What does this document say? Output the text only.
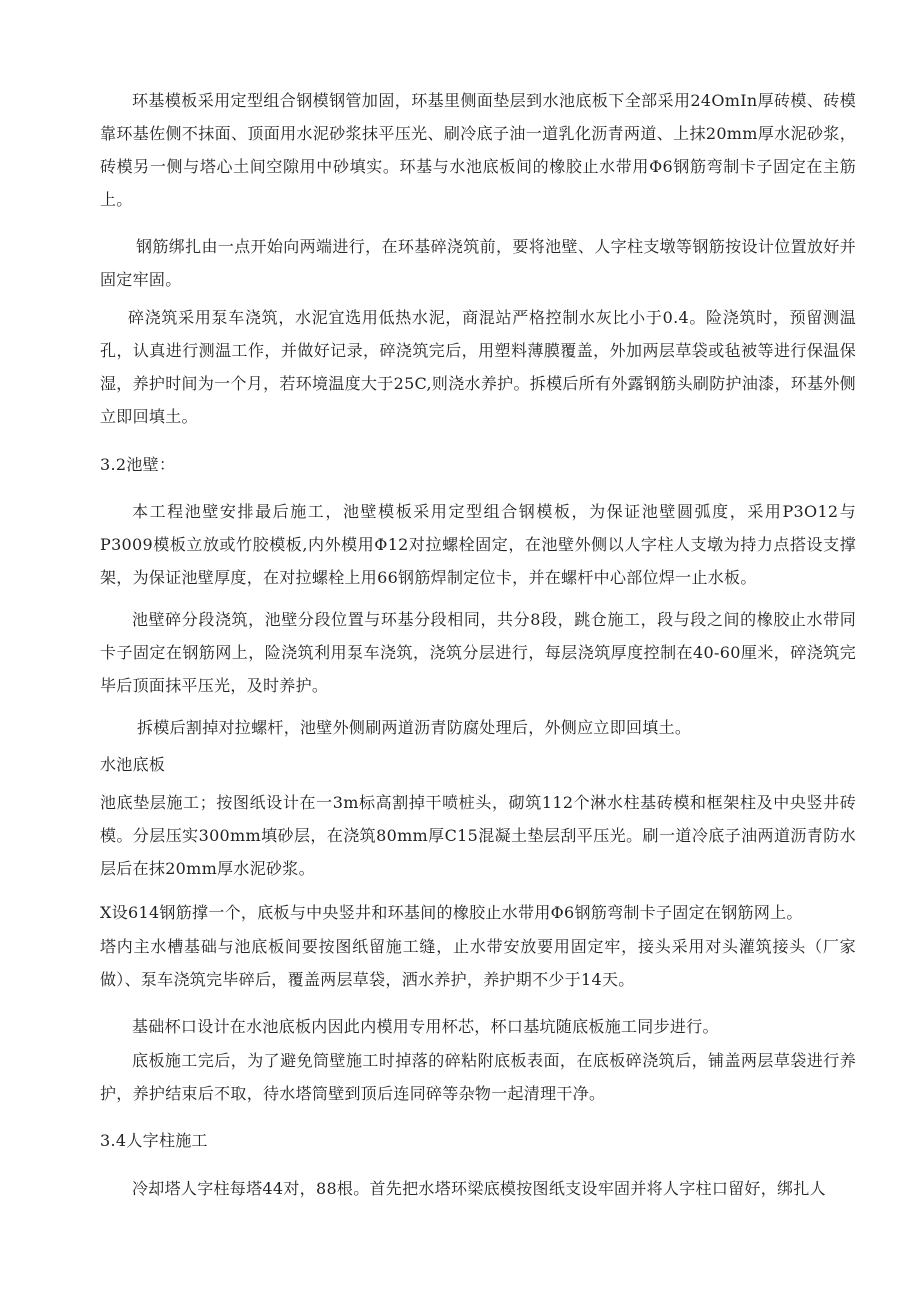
环基模板采用定型组合钢模钢管加固，环基里侧面垫层到水池底板下全部采用24OmIn厚砖模、砖模靠环基佐侧不抹面、顶面用水泥砂浆抹平压光、刷冷底子油一道乳化沥青两道、上抹20mm厚水泥砂浆，砖模另一侧与塔心土间空隙用中砂填实。环基与水池底板间的橡胶止水带用Φ6钢筋弯制卡子固定在主筋上。

钢筋绑扎由一点开始向两端进行，在环基碎浇筑前，要将池壁、人字柱支墩等钢筋按设计位置放好并固定牢固。

碎浇筑采用泵车浇筑，水泥宜选用低热水泥，商混站严格控制水灰比小于0.4。险浇筑时，预留测温孔，认真进行测温工作，并做好记录，碎浇筑完后，用塑料薄膜覆盖，外加两层草袋或毡被等进行保温保湿，养护时间为一个月，若环境温度大于25C,则浇水养护。拆模后所有外露钢筋头刷防护油漆，环基外侧立即回填土。

3.2池壁：

本工程池壁安排最后施工，池壁模板采用定型组合钢模板，为保证池壁圆弧度，采用P3O12与P3009模板立放或竹胶模板,内外模用Φ12对拉螺栓固定，在池壁外侧以人字柱人支墩为持力点搭设支撑架，为保证池壁厚度，在对拉螺栓上用66钢筋焊制定位卡，并在螺杆中心部位焊一止水板。

池壁碎分段浇筑，池壁分段位置与环基分段相同，共分8段，跳仓施工，段与段之间的橡胶止水带同卡子固定在钢筋网上，险浇筑利用泵车浇筑，浇筑分层进行，每层浇筑厚度控制在40-60厘米，碎浇筑完毕后顶面抹平压光，及时养护。

拆模后割掉对拉螺杆，池壁外侧刷两道沥青防腐处理后，外侧应立即回填土。

水池底板

池底垫层施工；按图纸设计在一3m标高割掉干喷桩头，砌筑112个淋水柱基砖模和框架柱及中央竖井砖模。分层压实300mm填砂层，在浇筑80mm厚C15混凝土垫层刮平压光。刷一道冷底子油两道沥青防水层后在抹20mm厚水泥砂浆。

X设614钢筋撑一个，底板与中央竖井和环基间的橡胶止水带用Φ6钢筋弯制卡子固定在钢筋网上。

塔内主水槽基础与池底板间要按图纸留施工缝，止水带安放要用固定牢，接头采用对头灌筑接头（厂家做）、泵车浇筑完毕碎后，覆盖两层草袋，洒水养护，养护期不少于14天。

基础杯口设计在水池底板内因此内模用专用杯芯，杯口基坑随底板施工同步进行。

底板施工完后，为了避免筒壁施工时掉落的碎粘附底板表面，在底板碎浇筑后，铺盖两层草袋进行养护，养护结束后不取，待水塔筒壁到顶后连同碎等杂物一起清理干净。

3.4人字柱施工

冷却塔人字柱每塔44对，88根。首先把水塔环梁底模按图纸支设牢固并将人字柱口留好，绑扎人
